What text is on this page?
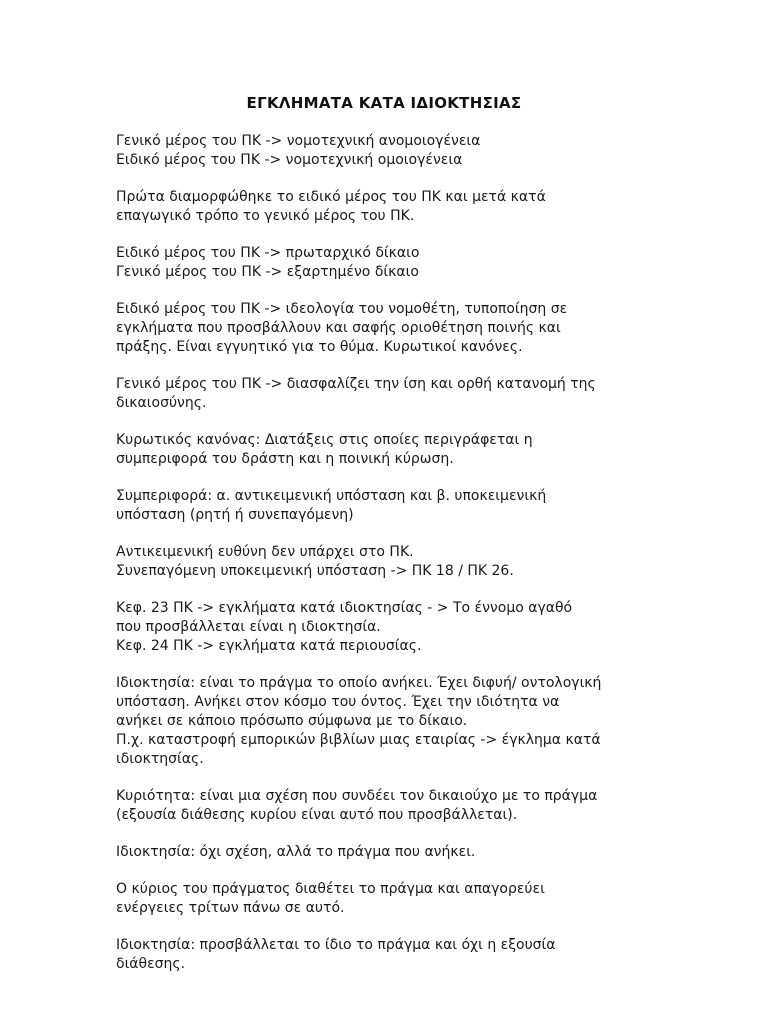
ΕΓΚΛΗΜΑΤΑ ΚΑΤΑ ΙΔΙΟΚΤΗΣΙΑΣ
Γενικό μέρος του ΠΚ -> νομοτεχνική ανομοιογένεια
Ειδικό μέρος του ΠΚ -> νομοτεχνική ομοιογένεια
Πρώτα διαμορφώθηκε το ειδικό μέρος του ΠΚ και μετά κατά
επαγωγικό τρόπο το γενικό μέρος του ΠΚ.
Ειδικό μέρος του ΠΚ -> πρωταρχικό δίκαιο
Γενικό μέρος του ΠΚ -> εξαρτημένο δίκαιο
Ειδικό μέρος του ΠΚ -> ιδεολογία του νομοθέτη, τυποποίηση σε
εγκλήματα που προσβάλλουν και σαφής οριοθέτηση ποινής και
πράξης. Είναι εγγυητικό για το θύμα. Κυρωτικοί κανόνες.
Γενικό μέρος του ΠΚ -> διασφαλίζει την ίση και ορθή κατανομή της
δικαιοσύνης.
Κυρωτικός κανόνας: Διατάξεις στις οποίες περιγράφεται η
συμπεριφορά του δράστη και η ποινική κύρωση.
Συμπεριφορά: α. αντικειμενική υπόσταση και β. υποκειμενική
υπόσταση (ρητή ή συνεπαγόμενη)
Αντικειμενική ευθύνη δεν υπάρχει στο ΠΚ.
Συνεπαγόμενη υποκειμενική υπόσταση -> ΠΚ 18 / ΠΚ 26.
Κεφ. 23 ΠΚ -> εγκλήματα κατά ιδιοκτησίας - > Το έννομο αγαθό
που προσβάλλεται είναι η ιδιοκτησία.
Κεφ. 24 ΠΚ -> εγκλήματα κατά περιουσίας.
Ιδιοκτησία: είναι το πράγμα το οποίο ανήκει. Έχει διφυή/ οντολογική
υπόσταση. Ανήκει στον κόσμο του όντος. Έχει την ιδιότητα να
ανήκει σε κάποιο πρόσωπο σύμφωνα με το δίκαιο.
Π.χ. καταστροφή εμπορικών βιβλίων μιας εταιρίας -> έγκλημα κατά
ιδιοκτησίας.
Κυριότητα: είναι μια σχέση που συνδέει τον δικαιούχο με το πράγμα
(εξουσία διάθεσης κυρίου είναι αυτό που προσβάλλεται).
Ιδιοκτησία: όχι σχέση, αλλά το πράγμα που ανήκει.
Ο κύριος του πράγματος διαθέτει το πράγμα και απαγορεύει
ενέργειες τρίτων πάνω σε αυτό.
Ιδιοκτησία: προσβάλλεται το ίδιο το πράγμα και όχι η εξουσία
διάθεσης.
